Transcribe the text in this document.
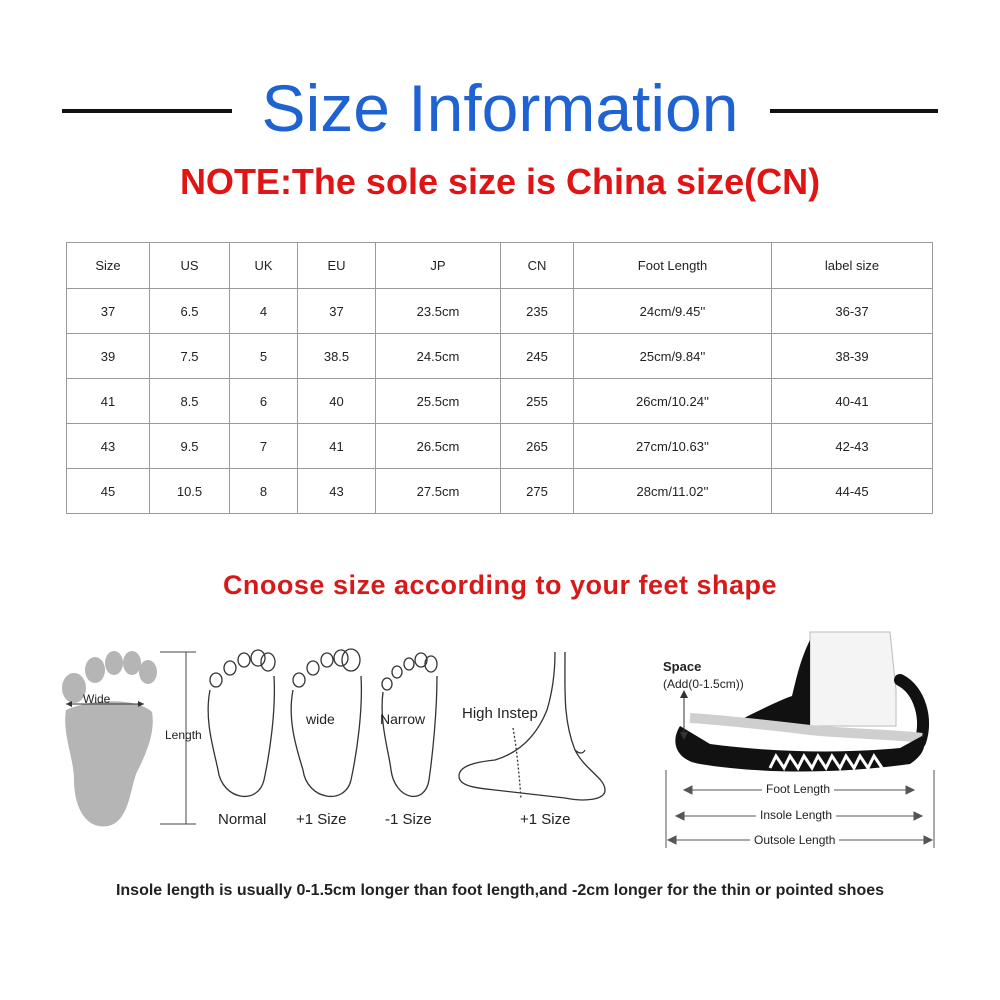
Size Information
NOTE:The sole size is China size(CN)
Size	US	UK	EU	JP	CN	Foot Length	label size
37	6.5	4	37	23.5cm	235	24cm/9.45''	36-37
39	7.5	5	38.5	24.5cm	245	25cm/9.84''	38-39
41	8.5	6	40	25.5cm	255	26cm/10.24''	40-41
43	9.5	7	41	26.5cm	265	27cm/10.63''	42-43
45	10.5	8	43	27.5cm	275	28cm/11.02''	44-45
Cnoose size according to your feet shape
Wide
Length
Normal
wide
+1 Size
Narrow
-1 Size
High Instep
+1 Size
Space
(Add(0-1.5cm))
Foot Length
Insole Length
Outsole Length
Insole length is usually 0-1.5cm longer than foot length,and -2cm longer for the thin or pointed shoes
